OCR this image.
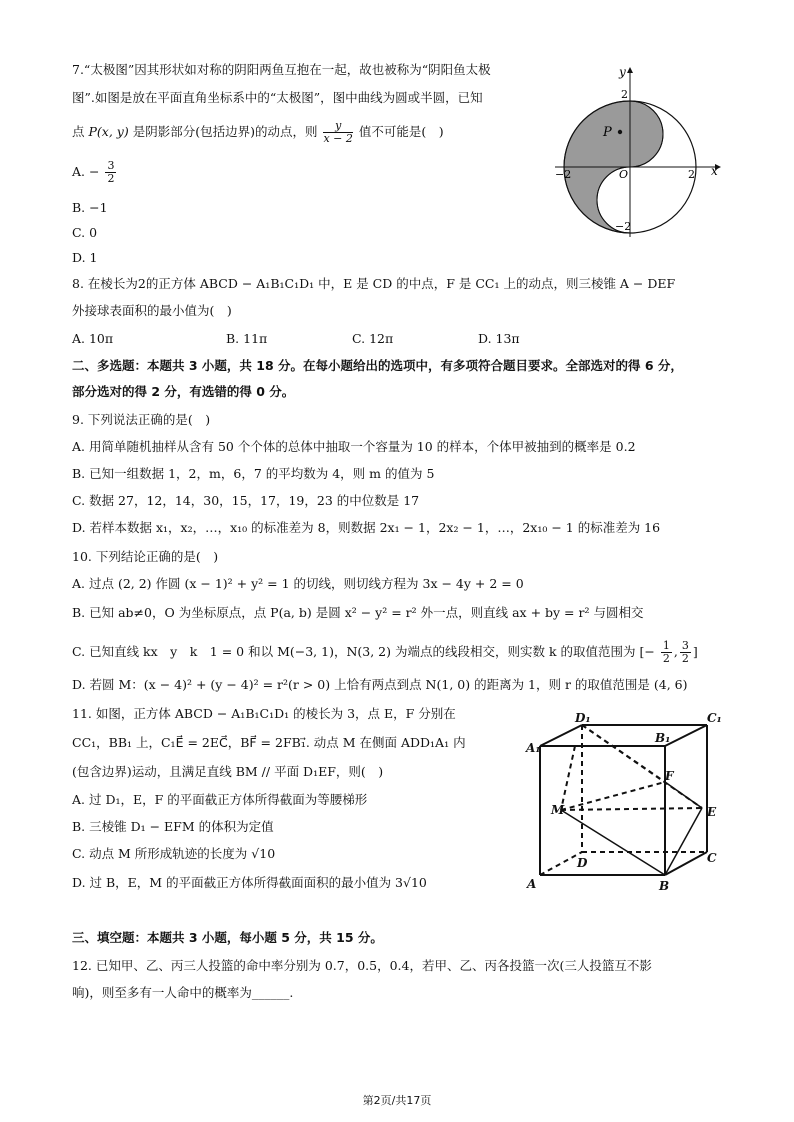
7.“太极图”因其形状如对称的阴阳两鱼互抱在一起，故也被称为“阴阳鱼太极
图”.如图是放在平面直角坐标系中的“太极图”，图中曲线为圆或半圆，已知
点 P(x, y) 是阴影部分(包括边界)的动点，则 $\frac{y}{x - 2}$ 值不可能是(　)
A. − $\frac{3}{2}$
B. −1
C. 0
D. 1
P
y
x
2
−2
−2	2
O
8. 在棱长为2的正方体 ABCD − A₁B₁C₁D₁ 中，E 是 CD 的中点，F 是 CC₁ 上的动点，则三棱锥 A − DEF
外接球表面积的最小值为(　)
A. 10π	B. 11π	C. 12π	D. 13π
二、多选题：本题共 3 小题，共 18 分。在每小题给出的选项中，有多项符合题目要求。全部选对的得 6 分，
部分选对的得 2 分，有选错的得 0 分。
9. 下列说法正确的是(　)
A. 用简单随机抽样从含有 50 个个体的总体中抽取一个容量为 10 的样本，个体甲被抽到的概率是 0.2
B. 已知一组数据 1，2，m，6，7 的平均数为 4，则 m 的值为 5
C. 数据 27，12，14，30，15，17，19，23 的中位数是 17
D. 若样本数据 x₁，x₂，…，x₁₀ 的标准差为 8，则数据 2x₁ − 1，2x₂ − 1，…，2x₁₀ − 1 的标准差为 16
10. 下列结论正确的是(　)
A. 过点 (2, 2) 作圆 (x − 1)² + y² = 1 的切线，则切线方程为 3x − 4y + 2 = 0
B. 已知 ab≠0，O 为坐标原点，点 P(a, b) 是圆 x² − y² = r² 外一点，则直线 ax + by = r² 与圆相交
C. 已知直线 kx　y　k　1 = 0 和以 M(−3, 1)，N(3, 2) 为端点的线段相交，则实数 k 的取值范围为 [− $\frac{1}{2}$ , $\frac{3}{2}$ ]
D. 若圆 M：(x − 4)² + (y − 4)² = r²(r > 0) 上恰有两点到点 N(1, 0) 的距离为 1，则 r 的取值范围是 (4, 6)
11. 如图，正方体 ABCD − A₁B₁C₁D₁ 的棱长为 3，点 E，F 分别在
CC₁，BB₁ 上，C₁E⃗ = 2EC⃗，BF⃗ = 2FB₁⃗. 动点 M 在侧面 ADD₁A₁ 内
(包含边界)运动，且满足直线 BM // 平面 D₁EF，则(　)
A. 过 D₁，E，F 的平面截正方体所得截面为等腰梯形
B. 三棱锥 D₁ − EFM 的体积为定值
C. 动点 M 所形成轨迹的长度为 √10
D. 过 B，E，M 的平面截正方体所得截面面积的最小值为 3√10	A	B
C
D
A₁
B₁
C₁
D₁
E
F
M
三、填空题：本题共 3 小题，每小题 5 分，共 15 分。
12. 已知甲、乙、丙三人投篮的命中率分别为 0.7，0.5，0.4，若甲、乙、丙各投篮一次(三人投篮互不影
响)，则至多有一人命中的概率为______.
第2页/共17页
